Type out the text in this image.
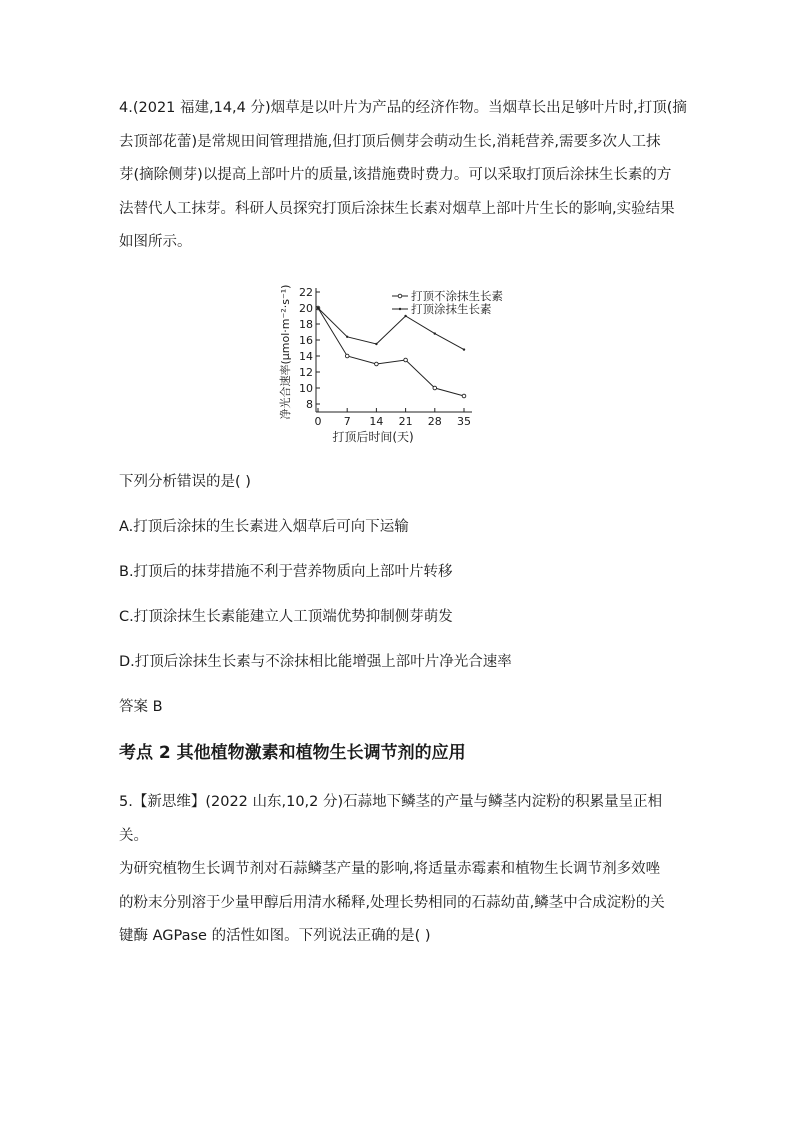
4.(2021 福建,14,4 分)烟草是以叶片为产品的经济作物。当烟草长出足够叶片时,打顶(摘
去顶部花蕾)是常规田间管理措施,但打顶后侧芽会萌动生长,消耗营养,需要多次人工抹
芽(摘除侧芽)以提高上部叶片的质量,该措施费时费力。可以采取打顶后涂抹生长素的方
法替代人工抹芽。科研人员探究打顶后涂抹生长素对烟草上部叶片生长的影响,实验结果
如图所示。
8
10
12
14
16
18
20
22
0 7 14 21 28 35
打顶不涂抹生长素
打顶涂抹生长素
打顶后时间(天)
净光合速率(μmol·m⁻²·s⁻¹)
下列分析错误的是( )
A.打顶后涂抹的生长素进入烟草后可向下运输
B.打顶后的抹芽措施不利于营养物质向上部叶片转移
C.打顶涂抹生长素能建立人工顶端优势抑制侧芽萌发
D.打顶后涂抹生长素与不涂抹相比能增强上部叶片净光合速率
答案 B
考点 2 其他植物激素和植物生长调节剂的应用
5.【新思维】(2022 山东,10,2 分)石蒜地下鳞茎的产量与鳞茎内淀粉的积累量呈正相关。
为研究植物生长调节剂对石蒜鳞茎产量的影响,将适量赤霉素和植物生长调节剂多效唑
的粉末分别溶于少量甲醇后用清水稀释,处理长势相同的石蒜幼苗,鳞茎中合成淀粉的关
键酶 AGPase 的活性如图。下列说法正确的是( )
